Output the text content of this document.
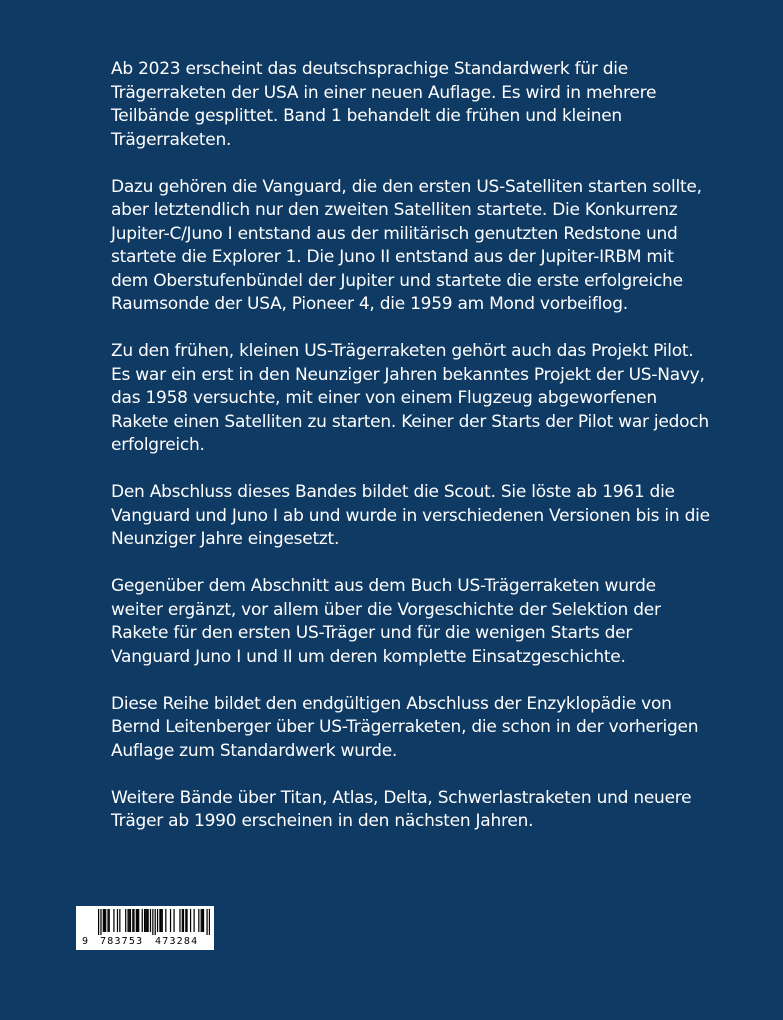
Ab 2023 erscheint das deutschsprachige Standardwerk für die Trägerraketen der USA in einer neuen Auflage. Es wird in mehrere Teilbände gesplittet. Band 1 behandelt die frühen und kleinen Trägerraketen.

Dazu gehören die Vanguard, die den ersten US-Satelliten starten sollte, aber letztendlich nur den zweiten Satelliten startete. Die Konkurrenz Jupiter-C/Juno I entstand aus der militärisch genutzten Redstone und startete die Explorer 1. Die Juno II entstand aus der Jupiter-IRBM mit dem Oberstufenbündel der Jupiter und startete die erste erfolgreiche Raumsonde der USA, Pioneer 4, die 1959 am Mond vorbeiflog.

Zu den frühen, kleinen US-Trägerraketen gehört auch das Projekt Pilot. Es war ein erst in den Neunziger Jahren bekanntes Projekt der US-Navy, das 1958 versuchte, mit einer von einem Flugzeug abgeworfenen Rakete einen Satelliten zu starten. Keiner der Starts der Pilot war jedoch erfolgreich.

Den Abschluss dieses Bandes bildet die Scout. Sie löste ab 1961 die Vanguard und Juno I ab und wurde in verschiedenen Versionen bis in die Neunziger Jahre eingesetzt.

Gegenüber dem Abschnitt aus dem Buch US-Trägerraketen wurde weiter ergänzt, vor allem über die Vorgeschichte der Selektion der Rakete für den ersten US-Träger und für die wenigen Starts der Vanguard Juno I und II um deren komplette Einsatzgeschichte.

Diese Reihe bildet den endgültigen Abschluss der Enzyklopädie von Bernd Leitenberger über US-Trägerraketen, die schon in der vorherigen Auflage zum Standardwerk wurde.

Weitere Bände über Titan, Atlas, Delta, Schwerlastraketen und neuere Träger ab 1990 erscheinen in den nächsten Jahren.

9

783753

473284
